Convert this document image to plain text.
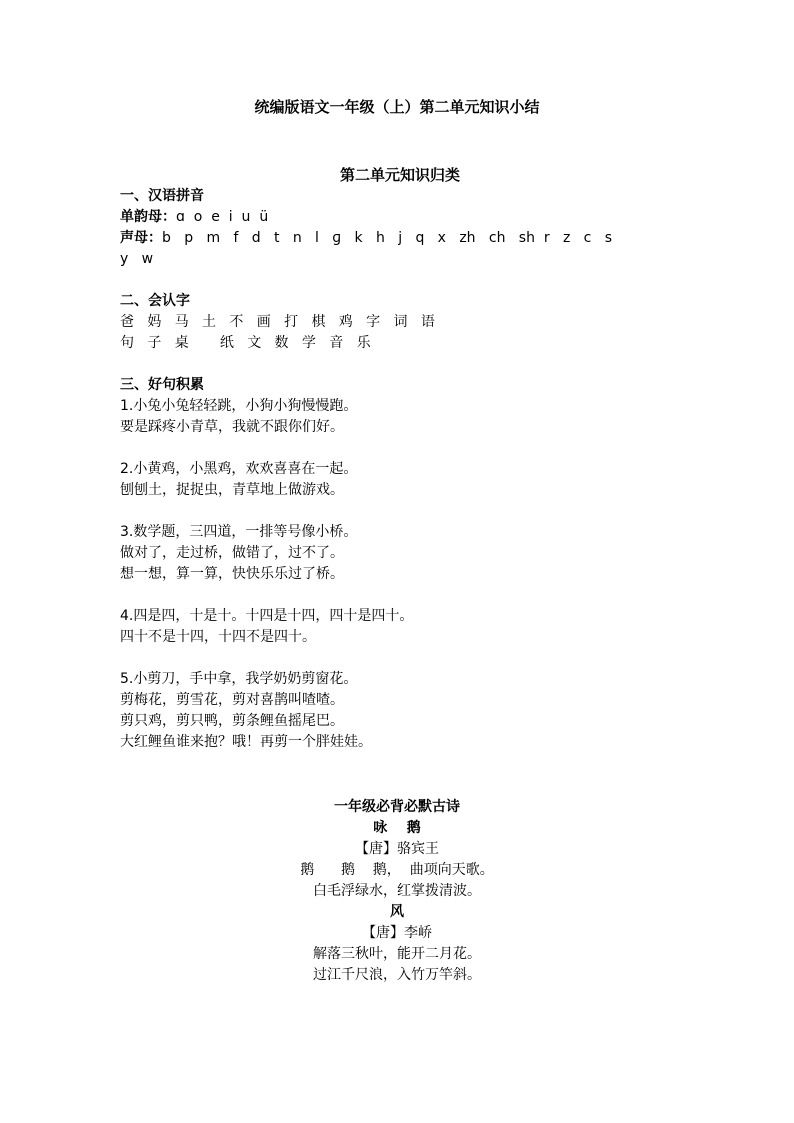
统编版语文一年级（上）第二单元知识小结
第二单元知识归类
一、汉语拼音
单韵母：ɑ  o  e  i  u  ü
声母：b   p   m   f   d   t   n   l   ɡ   k   h   j   q   x   zh   ch   sh  r   z   c   s
y   w
二、会认字
爸   妈   马   土   不   画   打   棋   鸡   字   词   语
句   子   桌       纸   文   数   学   音   乐
三、好句积累
1.小兔小兔轻轻跳，小狗小狗慢慢跑。
要是踩疼小青草，我就不跟你们好。
2.小黄鸡，小黑鸡，欢欢喜喜在一起。
刨刨土，捉捉虫，青草地上做游戏。
3.数学题，三四道，一排等号像小桥。
做对了，走过桥，做错了，过不了。
想一想，算一算，快快乐乐过了桥。
4.四是四，十是十。十四是十四，四十是四十。
四十不是十四，十四不是四十。
5.小剪刀，手中拿，我学奶奶剪窗花。
剪梅花，剪雪花，剪对喜鹊叫喳喳。
剪只鸡，剪只鸭，剪条鲤鱼摇尾巴。
大红鲤鱼谁来抱？哦！再剪一个胖娃娃。
一年级必背必默古诗
咏    鹅
【唐】骆宾王
鹅      鹅    鹅，  曲项向天歌。
白毛浮绿水，红掌拨清波。
风
【唐】李峤
解落三秋叶，能开二月花。
过江千尺浪，入竹万竿斜。
